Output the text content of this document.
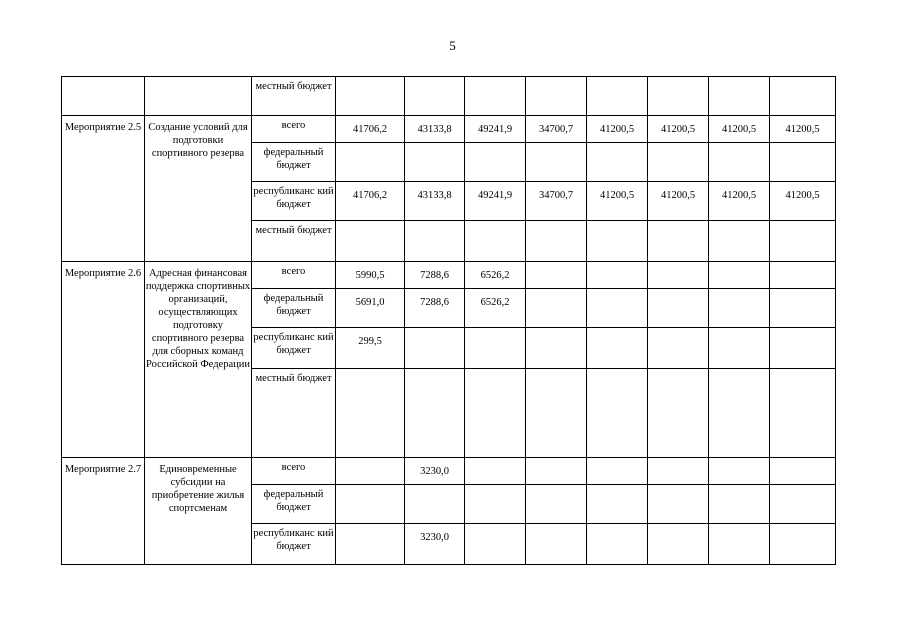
5
		местный бюджет								
Мероприятие 2.5	Создание условий для подготовки спортивного резерва	всего	41706,2	43133,8	49241,9	34700,7	41200,5	41200,5	41200,5	41200,5
		федеральный бюджет								
		республиканс кий бюджет	41706,2	43133,8	49241,9	34700,7	41200,5	41200,5	41200,5	41200,5
		местный бюджет								
Мероприятие 2.6	Адресная финансовая поддержка спортивных организаций, осуществляющих подготовку спортивного резерва для сборных команд Российской Федерации	всего	5990,5	7288,6	6526,2					
		федеральный бюджет	5691,0	7288,6	6526,2					
		республиканс кий бюджет	299,5							
		местный бюджет								
Мероприятие 2.7	Единовременные субсидии на приобретение жилья спортсменам	всего		3230,0						
		федеральный бюджет								
		республиканс кий бюджет		3230,0						
